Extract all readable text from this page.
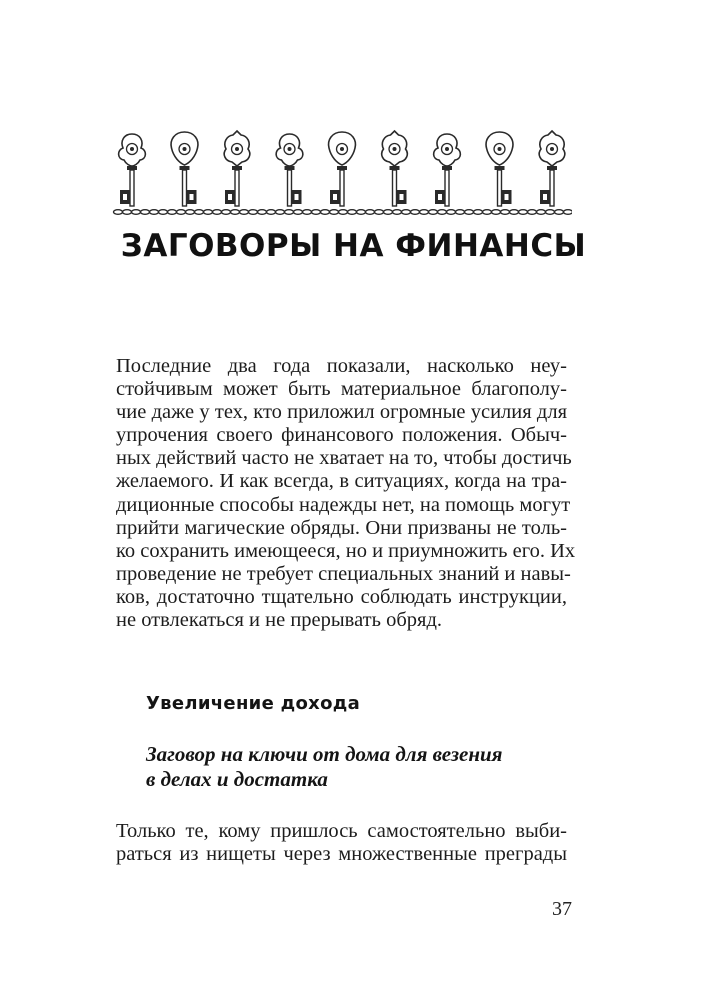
ЗАГОВОРЫ НА ФИНАНСЫ
Последние два года показали, насколько неу-
стойчивым может быть материальное благополу-
чие даже у тех, кто приложил огромные усилия для
упрочения своего финансового положения. Обыч-
ных действий часто не хватает на то, чтобы достичь
желаемого. И как всегда, в ситуациях, когда на тра-
диционные способы надежды нет, на помощь могут
прийти магические обряды. Они призваны не толь-
ко сохранить имеющееся, но и приумножить его. Их
проведение не требует специальных знаний и навы-
ков, достаточно тщательно соблюдать инструкции,
не отвлекаться и не прерывать обряд.
Увеличение дохода
Заговор на ключи от дома для везения
в делах и достатка
Только те, кому пришлось самостоятельно выби-
раться из нищеты через множественные преграды

37
